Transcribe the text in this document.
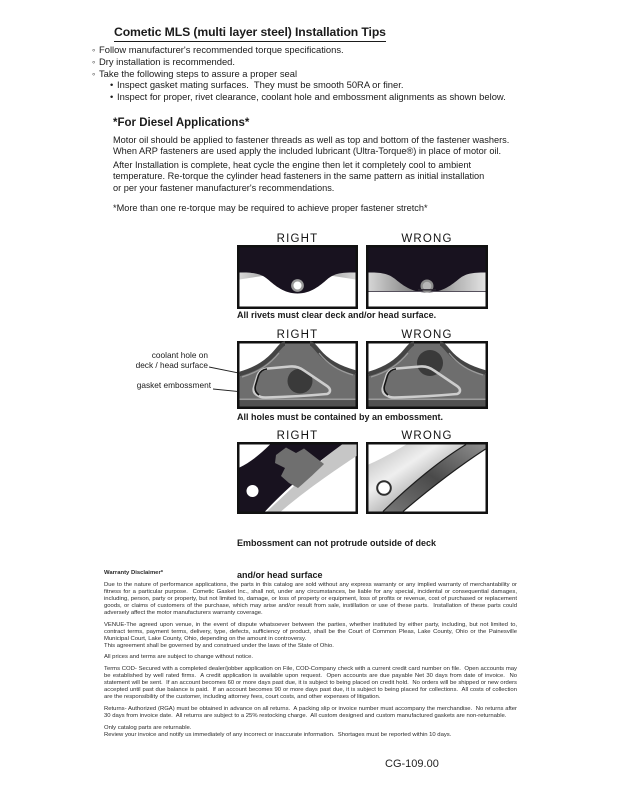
Cometic MLS (multi layer steel) Installation Tips
◦ Follow manufacturer's recommended torque specifications.
◦ Dry installation is recommended.
◦ Take the following steps to assure a proper seal
• Inspect gasket mating surfaces.  They must be smooth 50RA or finer.
• Inspect for proper, rivet clearance, coolant hole and embossment alignments as shown below.
*For Diesel Applications*
Motor oil should be applied to fastener threads as well as top and bottom of the fastener washers.
When ARP fasteners are used apply the included lubricant (Ultra-Torque®) in place of motor oil.
After Installation is complete, heat cycle the engine then let it completely cool to ambient
temperature. Re-torque the cylinder head fasteners in the same pattern as initial installation
or per your fastener manufacturer's recommendations.
*More than one re-torque may be required to achieve proper fastener stretch*
RIGHT	WRONG
All rivets must clear deck and/or head surface.
RIGHT	WRONG
coolant hole on
deck / head surface
gasket embossment
All holes must be contained by an embossment.
RIGHT	WRONG

Embossment can not protrude outside of deck

and/or head surface

Warranty Disclaimer*

Due to the nature of performance applications, the parts in this catalog are sold without any express warranty or any implied warranty of merchantability or fitness for a particular purpose.  Cometic Gasket Inc., shall not, under any circumstances, be liable for any special, incidental or consequential damages, including, person, party or property, but not limited to, damage, or loss of property or equipment, loss of profits or revenue, cost of purchased or replacement goods, or claims of customers of the purchase, which may arise and/or result from sale, instillation or use of these parts.  Installation of these parts could adversely affect the motor manufacturers warranty coverage.

VENUE-The agreed upon venue, in the event of dispute whatsoever between the parties, whether instituted by either party, including, but not limited to, contract terms, payment terms, delivery, type, defects, sufficiency of product, shall be the Court of Common Pleas, Lake County, Ohio or the Painesville Municipal Court, Lake County, Ohio, depending on the amount in controversy.

This agreement shall be governed by and construed under the laws of the State of Ohio.

All prices and terms are subject to change without notice.

Terms COD- Secured with a completed dealer/jobber application on File, COD-Company check with a current credit card number on file.  Open accounts may be established by well rated firms.  A credit application is available upon request.  Open accounts are due payable Net 30 days from date of invoice.  No statement will be sent.  If an account becomes 60 or more days past due, it is subject to being placed on credit hold.  No orders will be shipped or new orders accepted until past due balance is paid.  If an account becomes 90 or more days past due, it is subject to being placed for collections.  All costs of collection are the responsibility of the customer, including attorney fees, court costs, and other expenses of litigation.

Returns- Authorized (RGA) must be obtained in advance on all returns.  A packing slip or invoice number must accompany the merchandise.  No returns after 30 days from invoice date.  All returns are subject to a 25% restocking charge.  All custom designed and custom manufactured gaskets are non-returnable.

Only catalog parts are returnable.

Review your invoice and notify us immediately of any incorrect or inaccurate information.  Shortages must be reported within 10 days.

CG-109.00
